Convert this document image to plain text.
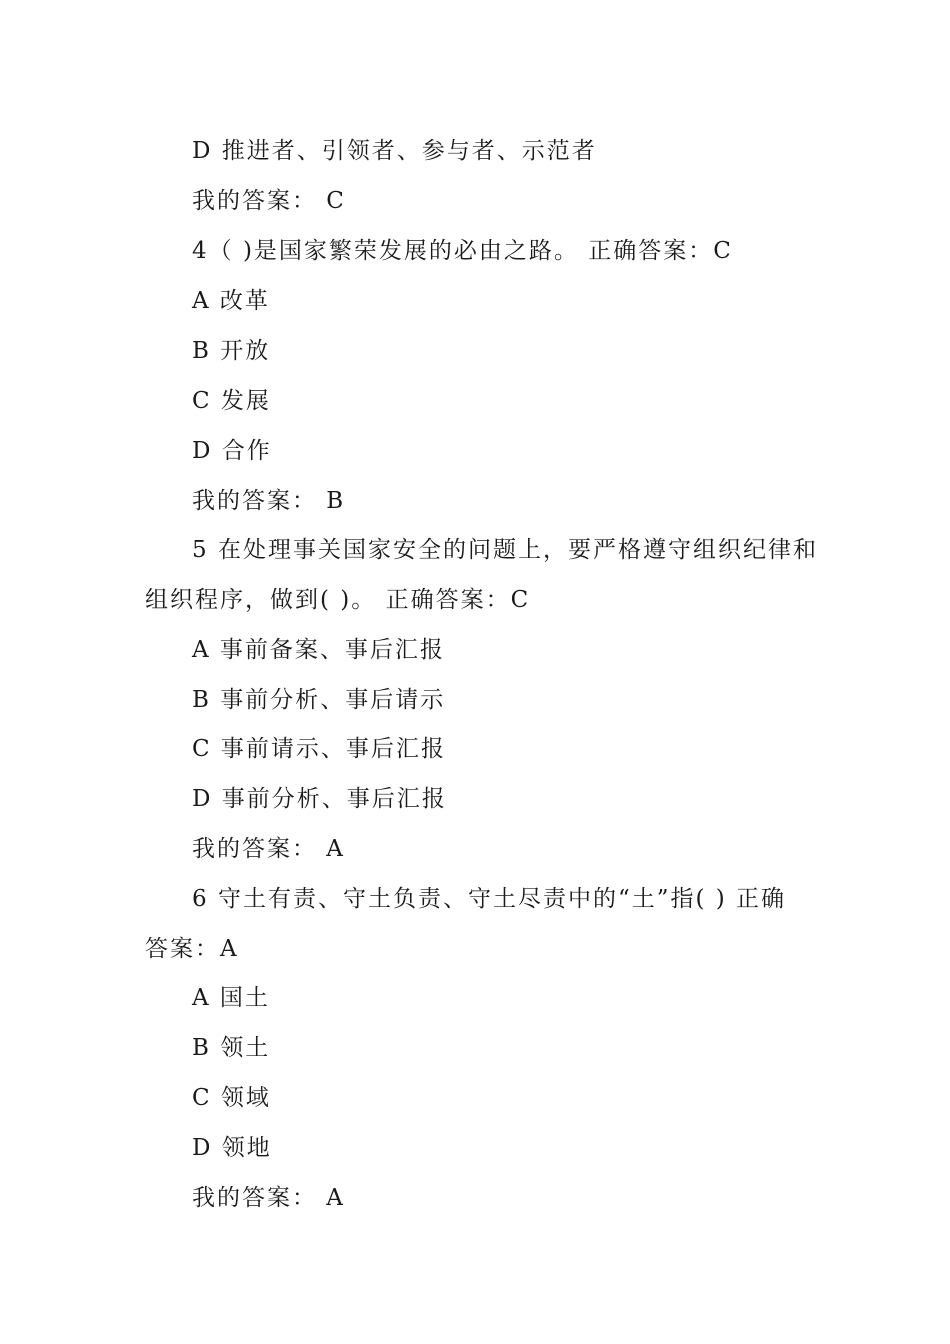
D 推进者、引领者、参与者、示范者
我的答案： C
4（ )是国家繁荣发展的必由之路。 正确答案：C
A 改革
B 开放
C 发展
D 合作
我的答案： B
5 在处理事关国家安全的问题上，要严格遵守组织纪律和
组织程序，做到( )。 正确答案：C
A 事前备案、事后汇报
B 事前分析、事后请示
C 事前请示、事后汇报
D 事前分析、事后汇报
我的答案： A
6 守土有责、守土负责、守土尽责中的“土”指( ) 正确
答案：A
A 国土
B 领土
C 领域
D 领地
我的答案： A
